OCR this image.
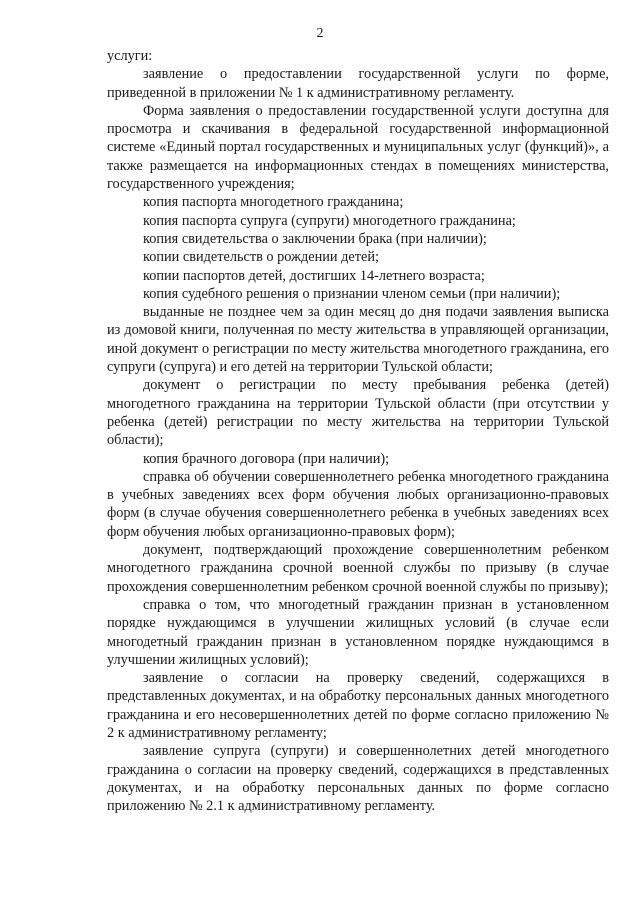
2

услуги:

заявление о предоставлении государственной услуги по форме, приведенной в приложении № 1 к административному регламенту.

Форма заявления о предоставлении государственной услуги доступна для просмотра и скачивания в федеральной государственной информационной системе «Единый портал государственных и муниципальных услуг (функций)», а также размещается на информационных стендах в помещениях министерства, государственного учреждения;

копия паспорта многодетного гражданина;

копия паспорта супруга (супруги) многодетного гражданина;

копия свидетельства о заключении брака (при наличии);

копии свидетельств о рождении детей;

копии паспортов детей, достигших 14-летнего возраста;

копия судебного решения о признании членом семьи (при наличии);

выданные не позднее чем за один месяц до дня подачи заявления выписка из домовой книги, полученная по месту жительства в управляющей организации, иной документ о регистрации по месту жительства многодетного гражданина, его супруги (супруга) и его детей на территории Тульской области;

документ о регистрации по месту пребывания ребенка (детей) многодетного гражданина на территории Тульской области (при отсутствии у ребенка (детей) регистрации по месту жительства на территории Тульской области);

копия брачного договора (при наличии);

справка об обучении совершеннолетнего ребенка многодетного гражданина в учебных заведениях всех форм обучения любых организационно-правовых форм (в случае обучения совершеннолетнего ребенка в учебных заведениях всех форм обучения любых организационно-правовых форм);

документ, подтверждающий прохождение совершеннолетним ребенком многодетного гражданина срочной военной службы по призыву (в случае прохождения совершеннолетним ребенком срочной военной службы по призыву);

справка о том, что многодетный гражданин признан в установленном порядке нуждающимся в улучшении жилищных условий (в случае если многодетный гражданин признан в установленном порядке нуждающимся в улучшении жилищных условий);

заявление о согласии на проверку сведений, содержащихся в представленных документах, и на обработку персональных данных многодетного гражданина и его несовершеннолетних детей по форме согласно приложению № 2 к административному регламенту;

заявление супруга (супруги) и совершеннолетних детей многодетного гражданина о согласии на проверку сведений, содержащихся в представленных документах, и на обработку персональных данных по форме согласно приложению № 2.1 к административному регламенту.
